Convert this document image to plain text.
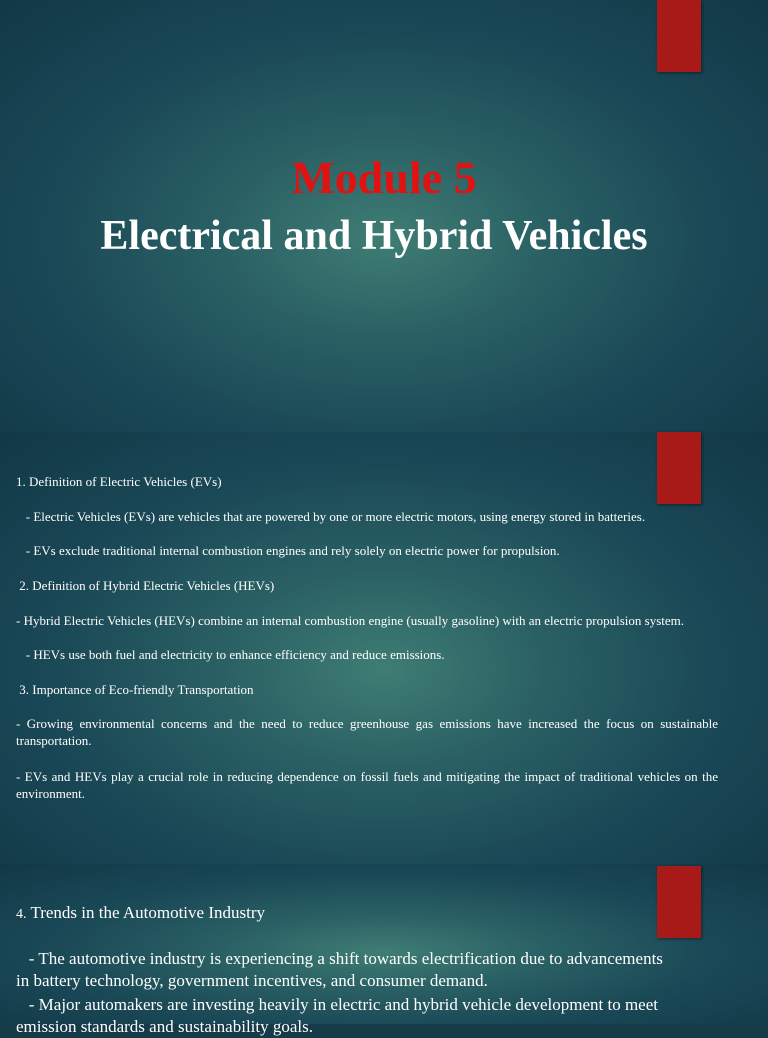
Module 5
Electrical and Hybrid Vehicles

1. Definition of Electric Vehicles (EVs)

- Electric Vehicles (EVs) are vehicles that are powered by one or more electric motors, using energy stored in batteries.

- EVs exclude traditional internal combustion engines and rely solely on electric power for propulsion.

2. Definition of Hybrid Electric Vehicles (HEVs)

- Hybrid Electric Vehicles (HEVs) combine an internal combustion engine (usually gasoline) with an electric propulsion system.

- HEVs use both fuel and electricity to enhance efficiency and reduce emissions.

3. Importance of Eco-friendly Transportation

- Growing environmental concerns and the need to reduce greenhouse gas emissions have increased the focus on sustainable transportation.

- EVs and HEVs play a crucial role in reducing dependence on fossil fuels and mitigating the impact of traditional vehicles on the environment.

4. Trends in the Automotive Industry

- The automotive industry is experiencing a shift towards electrification due to advancements

in battery technology, government incentives, and consumer demand.

- Major automakers are investing heavily in electric and hybrid vehicle development to meet

emission standards and sustainability goals.
